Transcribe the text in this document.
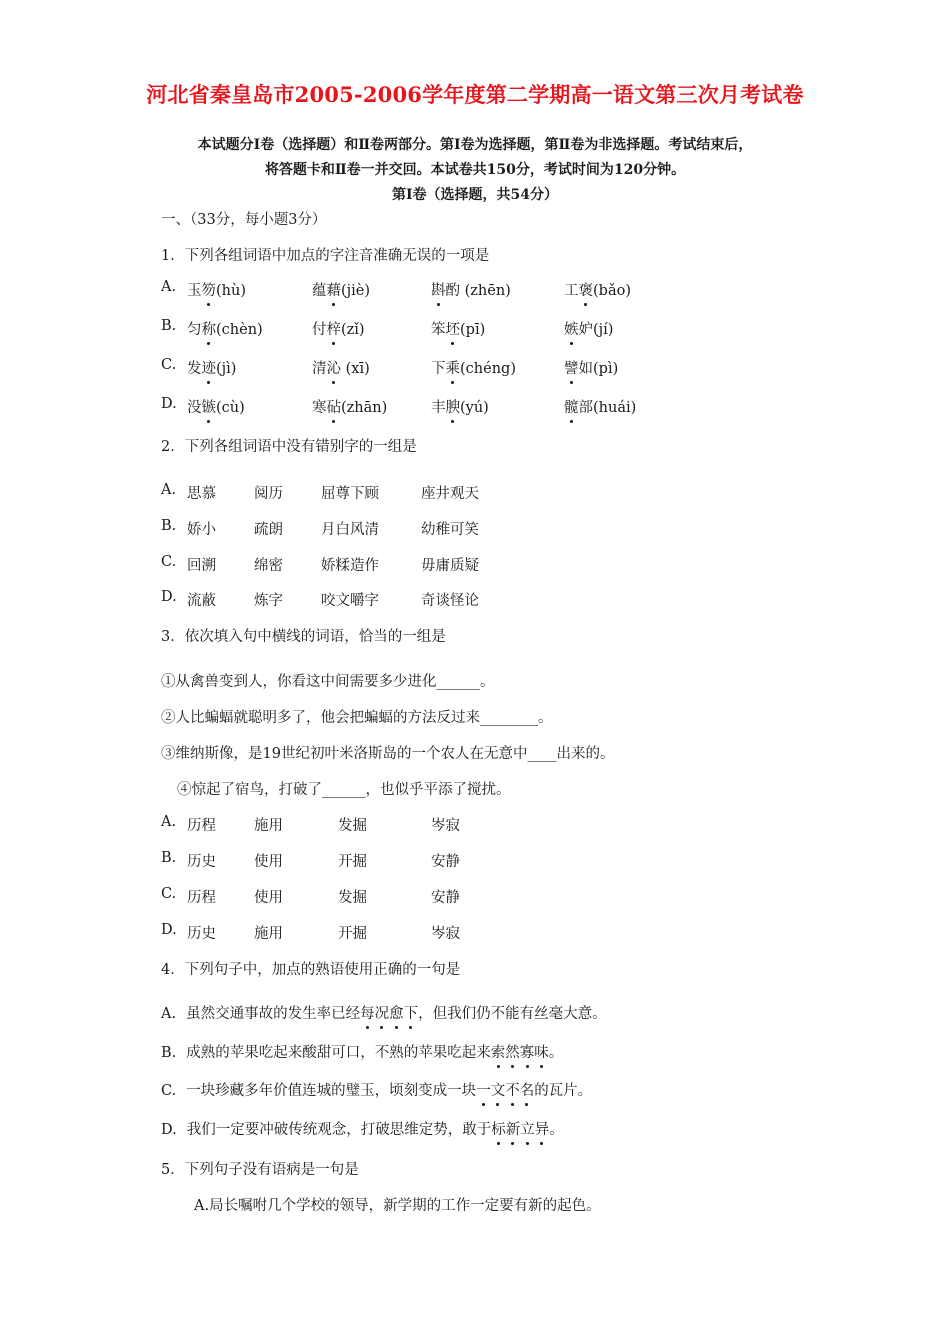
河北省秦皇岛市2005-2006学年度第二学期高一语文第三次月考试卷
本试题分Ⅰ卷（选择题）和Ⅱ卷两部分。第Ⅰ卷为选择题，第Ⅱ卷为非选择题。考试结束后，
将答题卡和Ⅱ卷一并交回。本试卷共150分，考试时间为120分钟。
第Ⅰ卷（选择题，共54分）
一、（33分，每小题3分）
1．下列各组词语中加点的字注音准确无误的一项是
A. 玉笏(hù)	蕴藉(jiè)	斟酌 (zhēn)	工褒(bǎo)
B. 匀称(chèn)	付梓(zǐ)	笨坯(pī)	嫉妒(jí)
C. 发迹(jì)	清沁 (xī)	下乘(chéng)	譬如(pì)
D. 没镞(cù)	寒砧(zhān)	丰腴(yú)	髋部(huái)
2．下列各组词语中没有错别字的一组是
A. 思慕	阅历	屈尊下顾	座井观天
B. 娇小	疏朗	月白风清	幼稚可笑
C. 回溯	绵密	娇糅造作	毋庸质疑
D. 流蔽	炼字	咬文嚼字	奇谈怪论
3．依次填入句中横线的词语，恰当的一组是
①从禽兽变到人，你看这中间需要多少进化______。
②人比蝙蝠就聪明多了，他会把蝙蝠的方法反过来________。
③维纳斯像，是19世纪初叶米洛斯岛的一个农人在无意中____出来的。
④惊起了宿鸟，打破了______，也似乎平添了搅扰。
A. 历程	施用	发掘	岑寂
B. 历史	使用	开掘	安静
C. 历程	使用	发掘	安静
D. 历史	施用	开掘	岑寂
4．下列句子中，加点的熟语使用正确的一句是
A. 虽然交通事故的发生率已经每况愈下，但我们仍不能有丝毫大意。
B. 成熟的苹果吃起来酸甜可口，不熟的苹果吃起来索然寡味。
C. 一块珍藏多年价值连城的璧玉，顷刻变成一块一文不名的瓦片。
D. 我们一定要冲破传统观念，打破思维定势，敢于标新立异。
5．下列句子没有语病是一句是
A.局长嘱咐几个学校的领导，新学期的工作一定要有新的起色。
